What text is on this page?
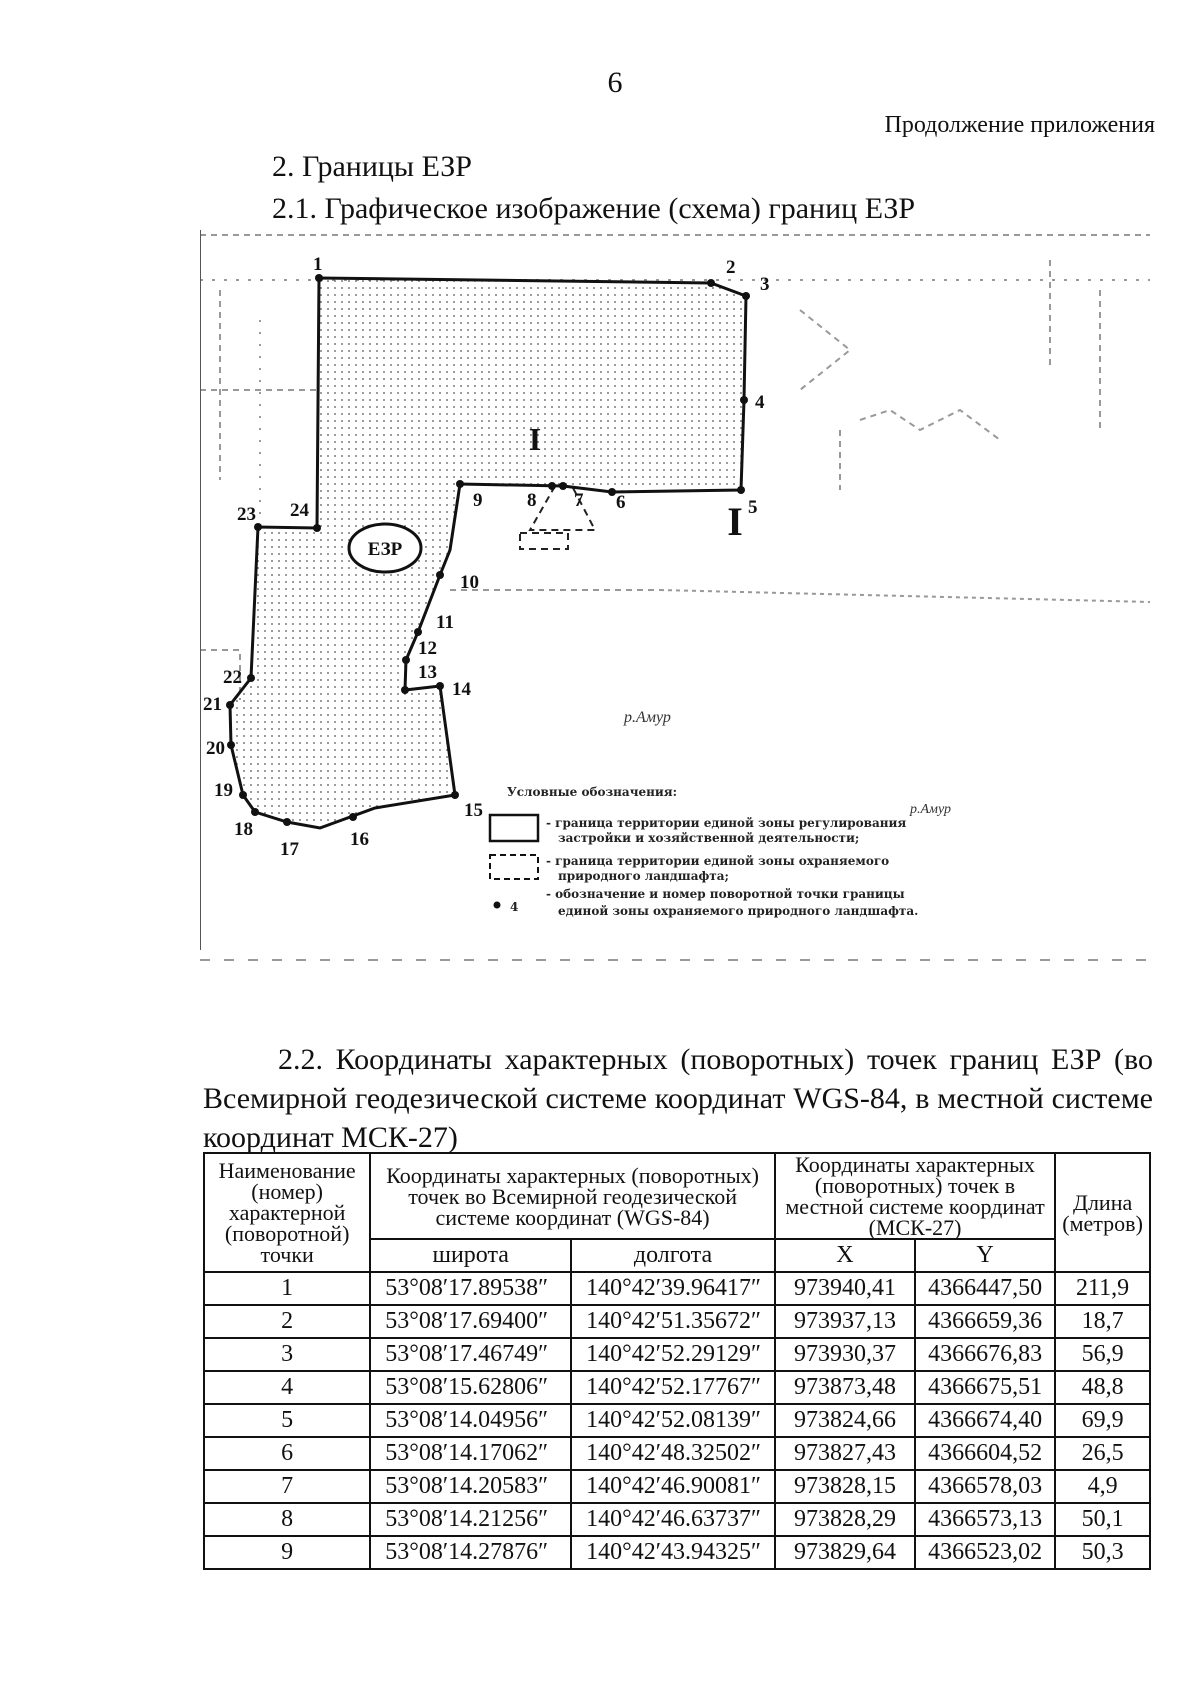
6
Продолжение приложения
2. Границы ЕЗР
2.1. Графическое изображение (схема) границ ЕЗР
ЕЗР
I
I
р.Амур
р.Амур
1	2
3
4
5
6
7
8
9
10
11
12
13
14
15
16
17
18
19
20
21
22
23 24
Условные обозначения:
- граница территории единой зоны регулирования
застройки и хозяйственной деятельности;
- граница территории единой зоны охраняемого
природного ландшафта;
4
- обозначение и номер поворотной точки границы
единой зоны охраняемого природного ландшафта.
2.2. Координаты характерных (поворотных) точек границ ЕЗР (во Всемирной геодезической системе координат WGS-84, в местной системе координат МСК-27)
Наименование (номер) характерной (поворотной) точки	Координаты характерных (поворотных) точек во Всемирной геодезической системе координат (WGS-84)		Координаты характерных (поворотных) точек в местной системе координат (МСК-27)		Длина (метров)
	широта	долгота	X	Y	
1	53°08′17.89538″	140°42′39.96417″	973940,41	4366447,50	211,9
2	53°08′17.69400″	140°42′51.35672″	973937,13	4366659,36	18,7
3	53°08′17.46749″	140°42′52.29129″	973930,37	4366676,83	56,9
4	53°08′15.62806″	140°42′52.17767″	973873,48	4366675,51	48,8
5	53°08′14.04956″	140°42′52.08139″	973824,66	4366674,40	69,9
6	53°08′14.17062″	140°42′48.32502″	973827,43	4366604,52	26,5
7	53°08′14.20583″	140°42′46.90081″	973828,15	4366578,03	4,9
8	53°08′14.21256″	140°42′46.63737″	973828,29	4366573,13	50,1
9	53°08′14.27876″	140°42′43.94325″	973829,64	4366523,02	50,3
